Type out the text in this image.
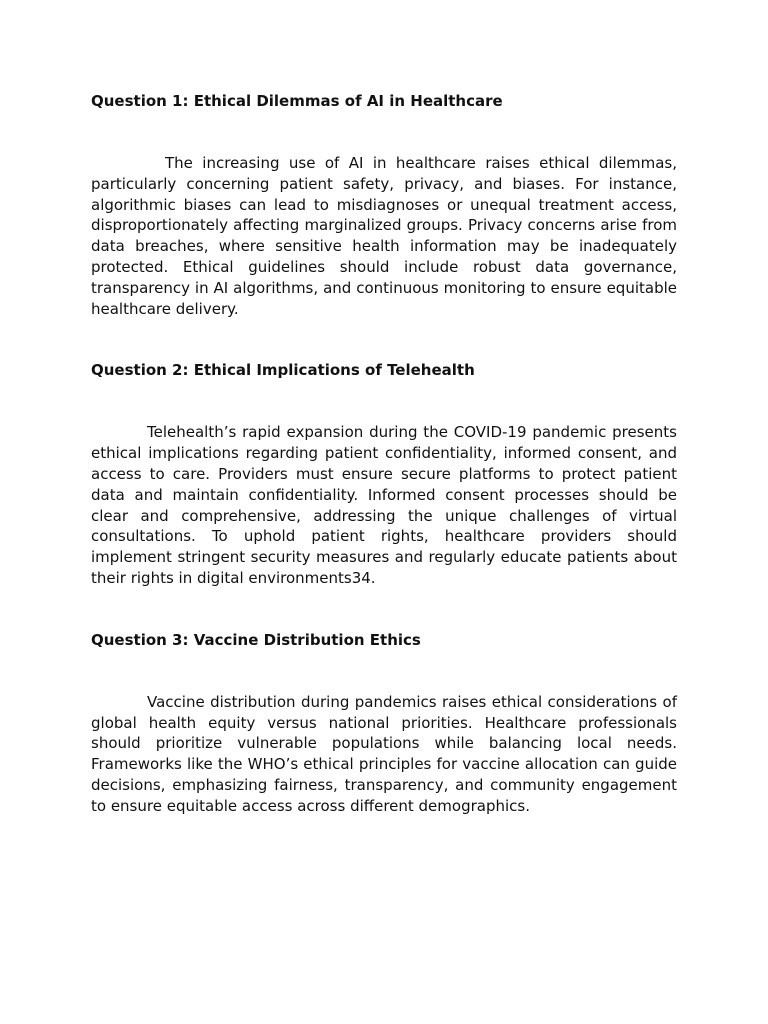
Question 1: Ethical Dilemmas of AI in Healthcare

The increasing use of AI in healthcare raises ethical dilemmas, particularly concerning patient safety, privacy, and biases. For instance, algorithmic biases can lead to misdiagnoses or unequal treatment access, disproportionately affecting marginalized groups. Privacy concerns arise from data breaches, where sensitive health information may be inadequately protected. Ethical guidelines should include robust data governance, transparency in AI algorithms, and continuous monitoring to ensure equitable healthcare delivery.

Question 2: Ethical Implications of Telehealth

Telehealth’s rapid expansion during the COVID-19 pandemic presents ethical implications regarding patient confidentiality, informed consent, and access to care. Providers must ensure secure platforms to protect patient data and maintain confidentiality. Informed consent processes should be clear and comprehensive, addressing the unique challenges of virtual consultations. To uphold patient rights, healthcare providers should implement stringent security measures and regularly educate patients about their rights in digital environments34.

Question 3: Vaccine Distribution Ethics

Vaccine distribution during pandemics raises ethical considerations of global health equity versus national priorities. Healthcare professionals should prioritize vulnerable populations while balancing local needs. Frameworks like the WHO’s ethical principles for vaccine allocation can guide decisions, emphasizing fairness, transparency, and community engagement to ensure equitable access across different demographics.
